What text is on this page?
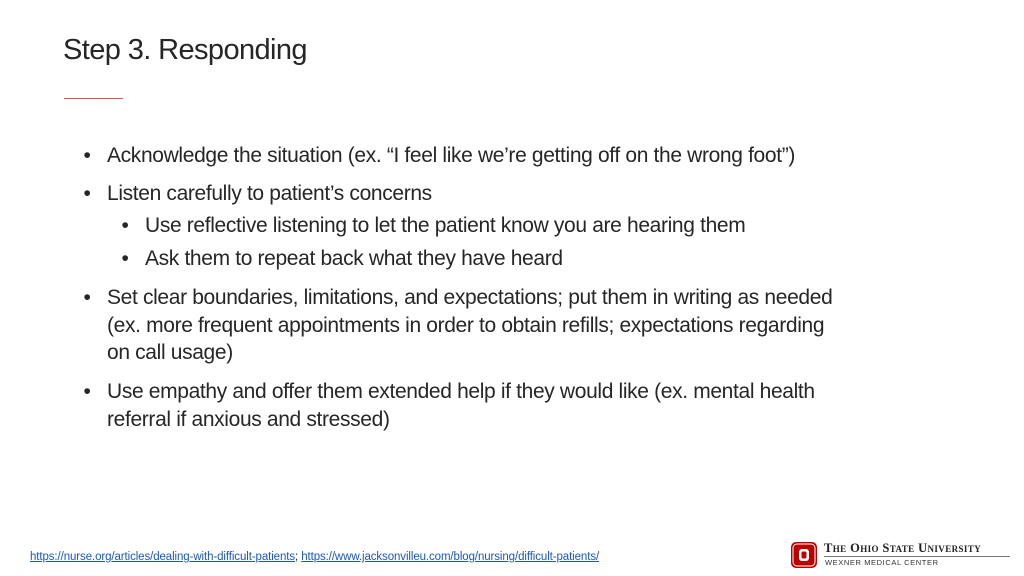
Step 3. Responding
• Acknowledge the situation (ex. “I feel like we’re getting off on the wrong foot”)
• Listen carefully to patient’s concerns
• Use reflective listening to let the patient know you are hearing them
• Ask them to repeat back what they have heard
• Set clear boundaries, limitations, and expectations; put them in writing as needed
(ex. more frequent appointments in order to obtain refills; expectations regarding
on call usage)
• Use empathy and offer them extended help if they would like (ex. mental health
referral if anxious and stressed)
https://nurse.org/articles/dealing-with-difficult-patients; https://www.jacksonvilleu.com/blog/nursing/difficult-patients/
The Ohio State University
WEXNER MEDICAL CENTER
